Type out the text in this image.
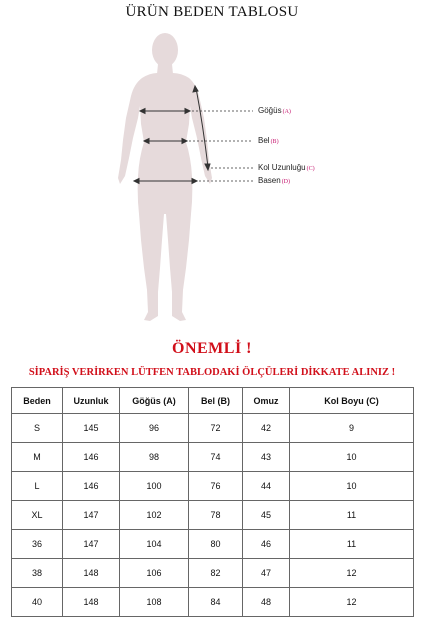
ÜRÜN BEDEN TABLOSU
Göğüs(A)
Bel(B)
Kol Uzunluğu(C)
Basen(D)
ÖNEMLİ !
SİPARİŞ VERİRKEN LÜTFEN TABLODAKİ ÖLÇÜLERİ DİKKATE ALINIZ !
Beden	Uzunluk	Göğüs (A)	Bel (B)	Omuz	Kol Boyu (C)
S	145	96	72	42	9
M	146	98	74	43	10
L	146	100	76	44	10
XL	147	102	78	45	11
36	147	104	80	46	11
38	148	106	82	47	12
40	148	108	84	48	12
